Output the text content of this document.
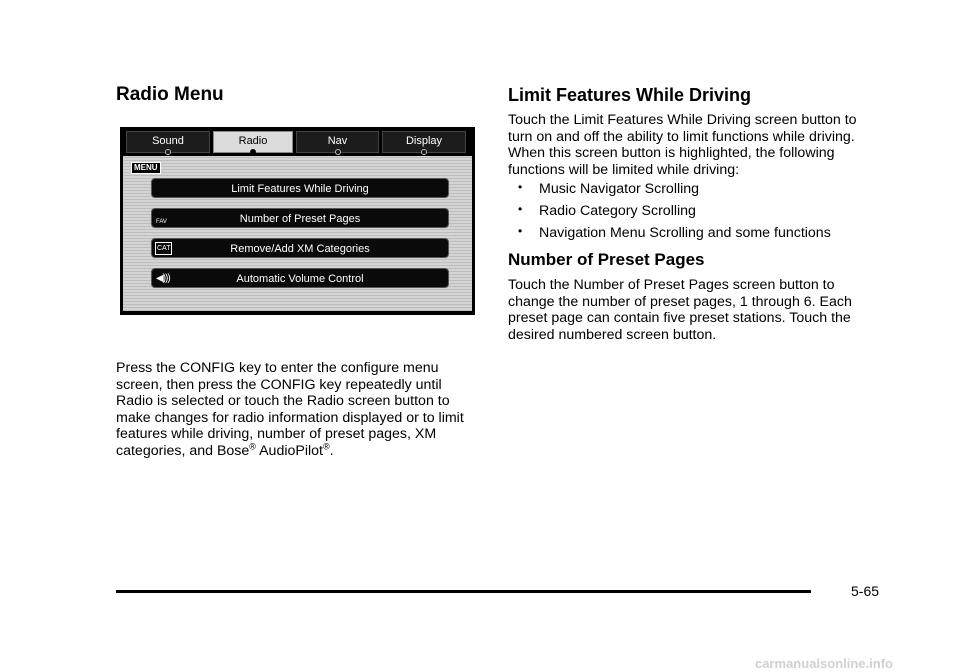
Radio Menu
Sound	Radio	Nav	Display
MENU
Limit Features While Driving
FAV	Number of Preset Pages
CAT	Remove/Add XM Categories
◀)))	Automatic Volume Control

Press the CONFIG key to enter the configure menu screen, then press the CONFIG key repeatedly until Radio is selected or touch the Radio screen button to make changes for radio information displayed or to limit features while driving, number of preset pages, XM categories, and Bose® AudioPilot®.

Limit Features While Driving

Touch the Limit Features While Driving screen button to turn on and off the ability to limit functions while driving. When this screen button is highlighted, the following functions will be limited while driving:

• Music Navigator Scrolling
• Radio Category Scrolling
• Navigation Menu Scrolling and some functions
Number of Preset Pages

Touch the Number of Preset Pages screen button to change the number of preset pages, 1 through 6. Each preset page can contain five preset stations. Touch the desired numbered screen button.

5-65
carmanualsonline.info
